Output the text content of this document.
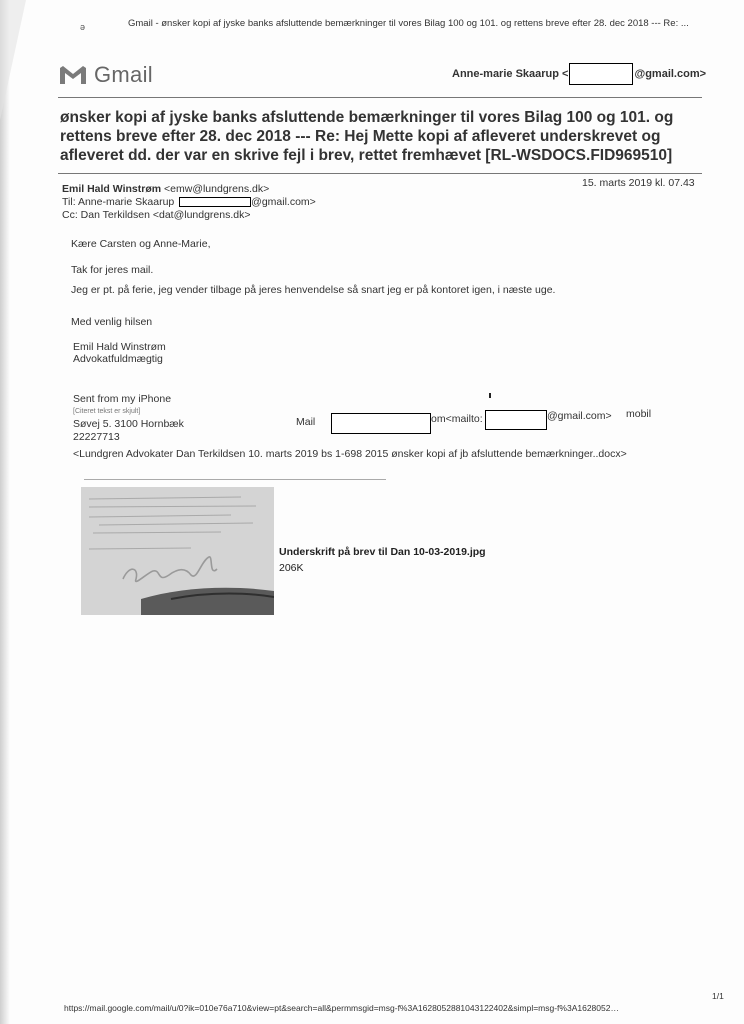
ə	Gmail - ønsker kopi af jyske banks afsluttende bemærkninger til vores Bilag 100 og 101. og rettens breve efter 28. dec 2018 --- Re: ...
Gmail	Anne-marie Skaarup <	@gmail.com>
ønsker kopi af jyske banks afsluttende bemærkninger til vores Bilag 100 og 101. og
rettens breve efter 28. dec 2018 --- Re: Hej Mette kopi af afleveret underskrevet og
afleveret dd. der var en skrive fejl i brev, rettet fremhævet [RL-WSDOCS.FID969510]
Emil Hald Winstrøm <emw@lundgrens.dk>	15. marts 2019 kl. 07.43
Til: Anne-marie Skaarup	@gmail.com>
Cc: Dan Terkildsen <dat@lundgrens.dk>
Kære Carsten og Anne-Marie,
Tak for jeres mail.
Jeg er pt. på ferie, jeg vender tilbage på jeres henvendelse så snart jeg er på kontoret igen, i næste uge.
Med venlig hilsen
Emil Hald Winstrøm
Advokatfuldmægtig
Sent from my iPhone
[Citeret tekst er skjult]
Søvej 5. 3100 Hornbæk
22227713
Mail	om<mailto:	@gmail.com> mobil
<Lundgren Advokater Dan Terkildsen 10. marts 2019 bs 1-698 2015 ønsker kopi af jb afsluttende bemærkninger..docx>
Underskrift på brev til Dan 10-03-2019.jpg
206K
https://mail.google.com/mail/u/0?ik=010e76a710&view=pt&search=all&permmsgid=msg-f%3A1628052881043122402&simpl=msg-f%3A1628052…
1/1
